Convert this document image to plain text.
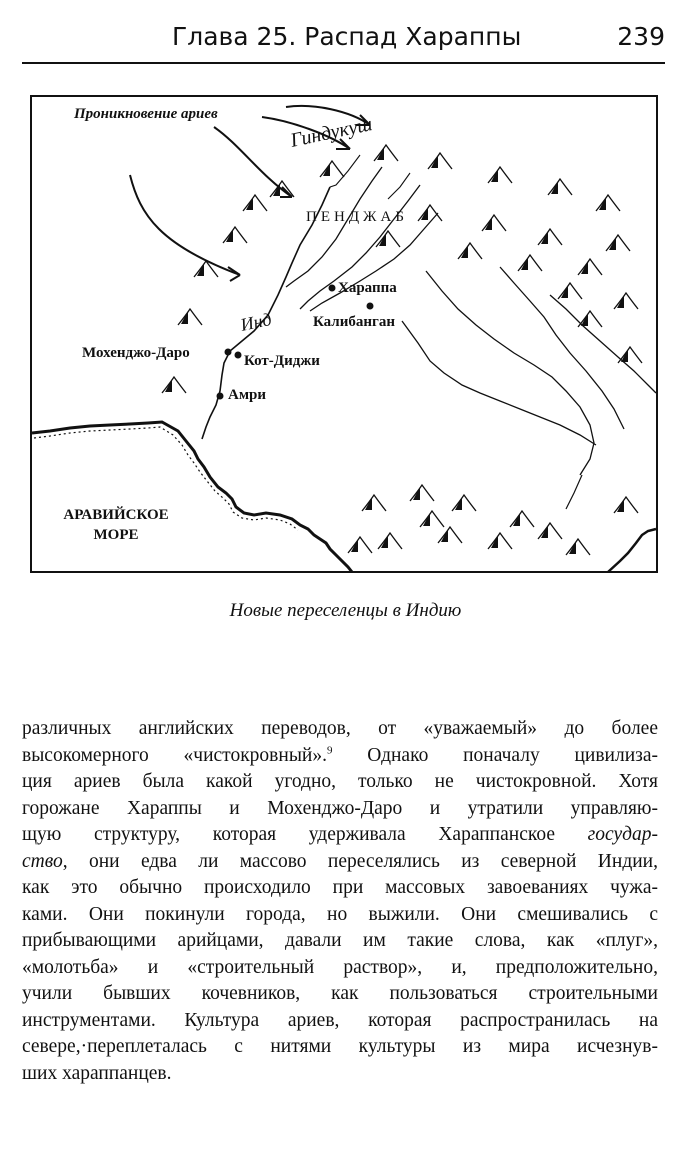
Глава 25. Распад Хараппы	239
Проникновение ариев	Гиндукуш
ПЕНДЖАБ
Инд
Хараппа
Калибанган
Мохенджо-Даро	Кот-Диджи
Амри
АРАВИЙСКОЕ
МОРЕ
Новые переселенцы в Индию
различных английских переводов, от «уважаемый» до более
высокомерного «чистокровный».$^9$ Однако поначалу цивилиза-
ция ариев была какой угодно, только не чистокровной. Хотя
горожане Хараппы и Мохенджо-Даро и утратили управляю-
щую структуру, которая удерживала Хараппанское государ-
ство, они едва ли массово переселялись из северной Индии,
как это обычно происходило при массовых завоеваниях чужа-
ками. Они покинули города, но выжили. Они смешивались с
прибывающими арийцами, давали им такие слова, как «плуг»,
«молотьба» и «строительный раствор», и, предположительно,
учили бывших кочевников, как пользоваться строительными
инструментами. Культура ариев, которая распространилась на
севере,·переплеталась с нитями культуры из мира исчезнув-
ших хараппанцев.
